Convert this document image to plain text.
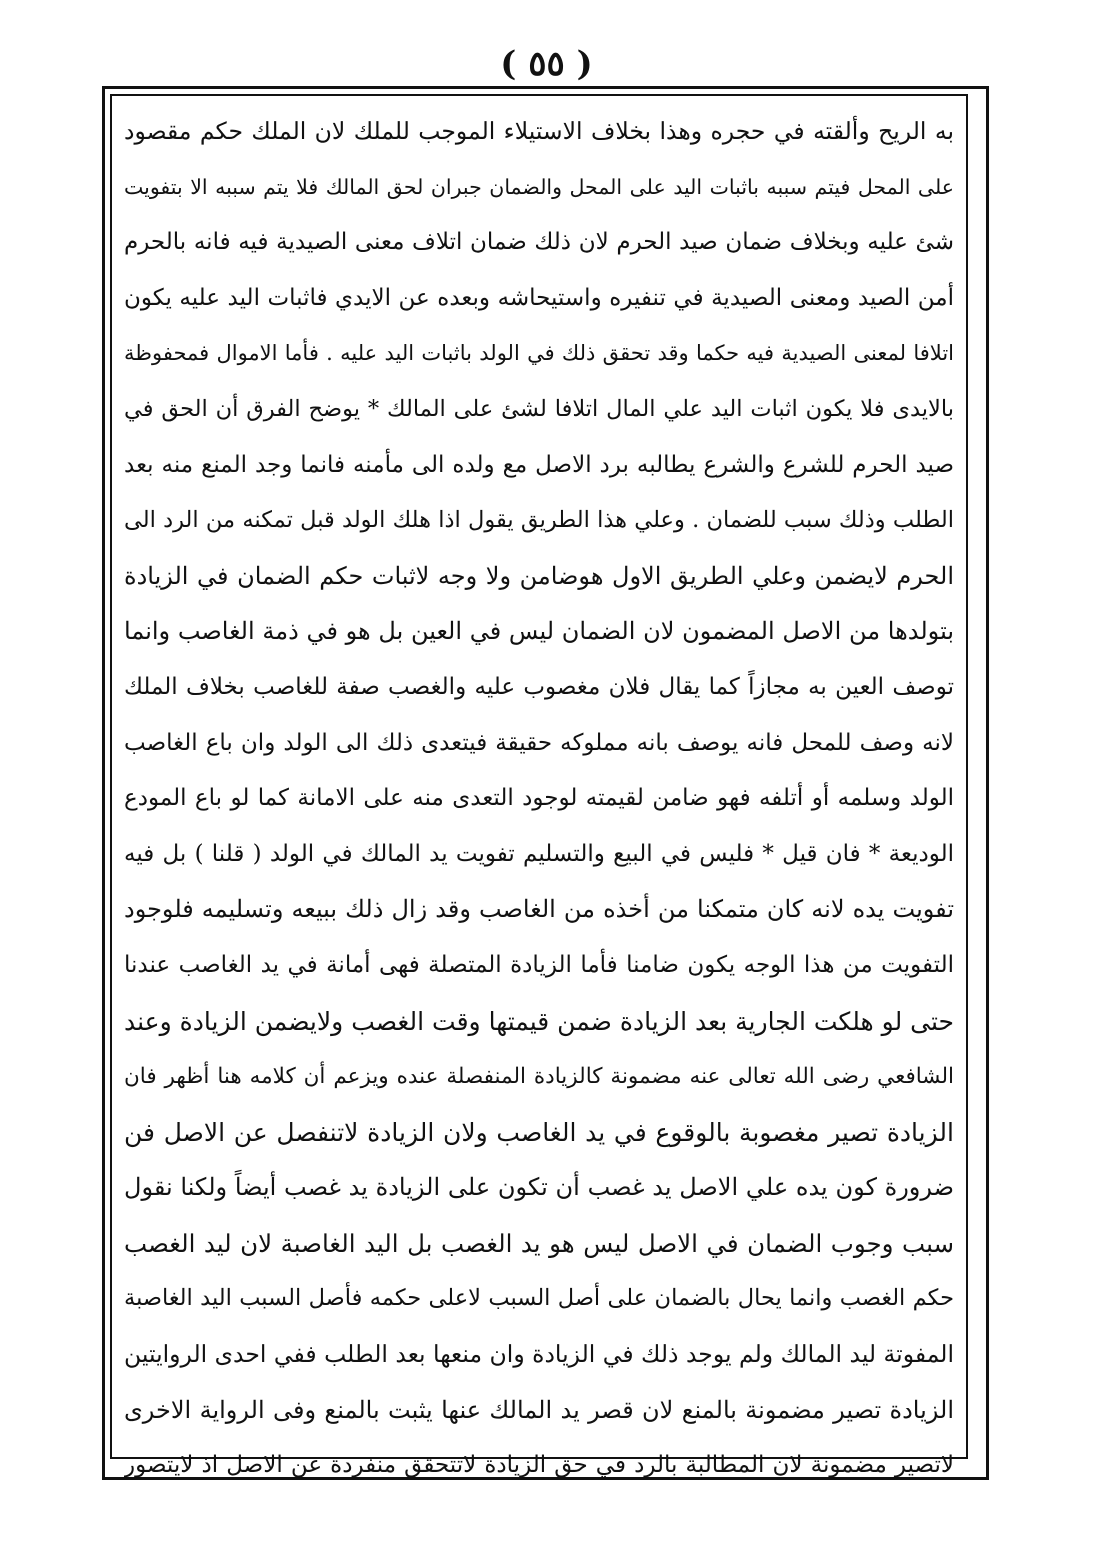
( ٥٥ )
به الريح وألقته في حجره وهذا بخلاف الاستيلاء الموجب للملك لان الملك حكم مقصود
على المحل فيتم سببه باثبات اليد على المحل والضمان جبران لحق المالك فلا يتم سببه الا بتفويت
شئ عليه وبخلاف ضمان صيد الحرم لان ذلك ضمان اتلاف معنى الصيدية فيه فانه بالحرم
أمن الصيد ومعنى الصيدية في تنفيره واستيحاشه وبعده عن الايدي فاثبات اليد عليه يكون
اتلافا لمعنى الصيدية فيه حكما وقد تحقق ذلك في الولد باثبات اليد عليه . فأما الاموال فمحفوظة
بالايدى فلا يكون اثبات اليد علي المال اتلافا لشئ على المالك * يوضح الفرق أن الحق في
صيد الحرم للشرع والشرع يطالبه برد الاصل مع ولده الى مأمنه فانما وجد المنع منه بعد
الطلب وذلك سبب للضمان . وعلي هذا الطريق يقول اذا هلك الولد قبل تمكنه من الرد الى
الحرم لايضمن وعلي الطريق الاول هوضامن ولا وجه لاثبات حكم الضمان في الزيادة
بتولدها من الاصل المضمون لان الضمان ليس في العين بل هو في ذمة الغاصب وانما
توصف العين به مجازاً كما يقال فلان مغصوب عليه والغصب صفة للغاصب بخلاف الملك
لانه وصف للمحل فانه يوصف بانه مملوكه حقيقة فيتعدى ذلك الى الولد وان باع الغاصب
الولد وسلمه أو أتلفه فهو ضامن لقيمته لوجود التعدى منه على الامانة كما لو باع المودع
الوديعة * فان قيل * فليس في البيع والتسليم تفويت يد المالك في الولد ( قلنا ) بل فيه
تفويت يده لانه كان متمكنا من أخذه من الغاصب وقد زال ذلك ببيعه وتسليمه فلوجود
التفويت من هذا الوجه يكون ضامنا فأما الزيادة المتصلة فهى أمانة في يد الغاصب عندنا
حتى لو هلكت الجارية بعد الزيادة ضمن قيمتها وقت الغصب ولايضمن الزيادة وعند
الشافعي رضى الله تعالى عنه مضمونة كالزيادة المنفصلة عنده ويزعم أن كلامه هنا أظهر فان
الزيادة تصير مغصوبة بالوقوع في يد الغاصب ولان الزيادة لاتنفصل عن الاصل فن
ضرورة كون يده علي الاصل يد غصب أن تكون على الزيادة يد غصب أيضاً ولكنا نقول
سبب وجوب الضمان في الاصل ليس هو يد الغصب بل اليد الغاصبة لان ليد الغصب
حكم الغصب وانما يحال بالضمان على أصل السبب لاعلى حكمه فأصل السبب اليد الغاصبة
المفوتة ليد المالك ولم يوجد ذلك في الزيادة وان منعها بعد الطلب ففي احدى الروايتين
الزيادة تصير مضمونة بالمنع لان قصر يد المالك عنها يثبت بالمنع وفى الرواية الاخرى
لاتصير مضمونة لان المطالبة بالرد في حق الزيادة لاتتحقق منفردة عن الاصل اذ لايتصور
